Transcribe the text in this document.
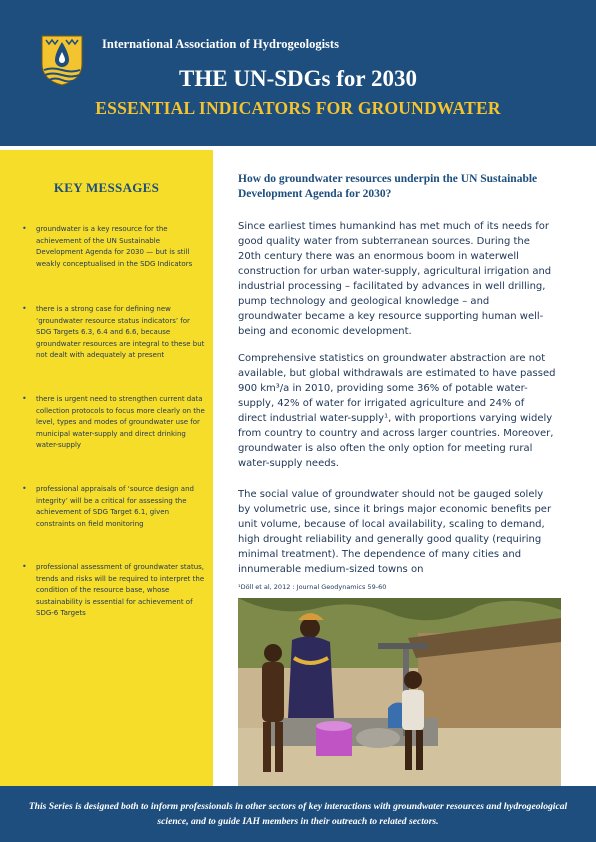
International Association of Hydrogeologists
THE UN-SDGs for 2030
ESSENTIAL INDICATORS FOR GROUNDWATER
KEY MESSAGES
• groundwater is a key resource for the achievement of the UN Sustainable Development Agenda for 2030 — but is still weakly conceptualised in the SDG Indicators
• there is a strong case for defining new ‘groundwater resource status indicators’ for SDG Targets 6.3, 6.4 and 6.6, because groundwater resources are integral to these but not dealt with adequately at present
• there is urgent need to strengthen current data collection protocols to focus more clearly on the level, types and modes of groundwater use for municipal water-supply and direct drinking water-supply
• professional appraisals of ‘source design and integrity’ will be a critical for assessing the achievement of SDG Target 6.1, given constraints on field monitoring
• professional assessment of groundwater status, trends and risks will be required to interpret the condition of the resource base, whose sustainability is essential for achievement of SDG-6 Targets
How do groundwater resources underpin the UN Sustainable Development Agenda for 2030?
Since earliest times humankind has met much of its needs for good quality water from subterranean sources. During the 20th century there was an enormous boom in waterwell construction for urban water-supply, agricultural irrigation and industrial processing – facilitated by advances in well drilling, pump technology and geological knowledge – and groundwater became a key resource supporting human well-being and economic development.
Comprehensive statistics on groundwater abstraction are not available, but global withdrawals are estimated to have passed 900 km³/a in 2010, providing some 36% of potable water-supply, 42% of water for irrigated agriculture and 24% of direct industrial water-supply¹, with proportions varying widely from country to country and across larger countries. Moreover, groundwater is also often the only option for meeting rural water-supply needs.
The social value of groundwater should not be gauged solely by volumetric use, since it brings major economic benefits per unit volume, because of local availability, scaling to demand, high drought reliability and generally good quality (requiring minimal treatment). The dependence of many cities and innumerable medium-sized towns on
¹Döll et al, 2012 : Journal Geodynamics 59-60
This Series is designed both to inform professionals in other sectors of key interactions with groundwater resources and hydrogeological science, and to guide IAH members in their outreach to related sectors.
